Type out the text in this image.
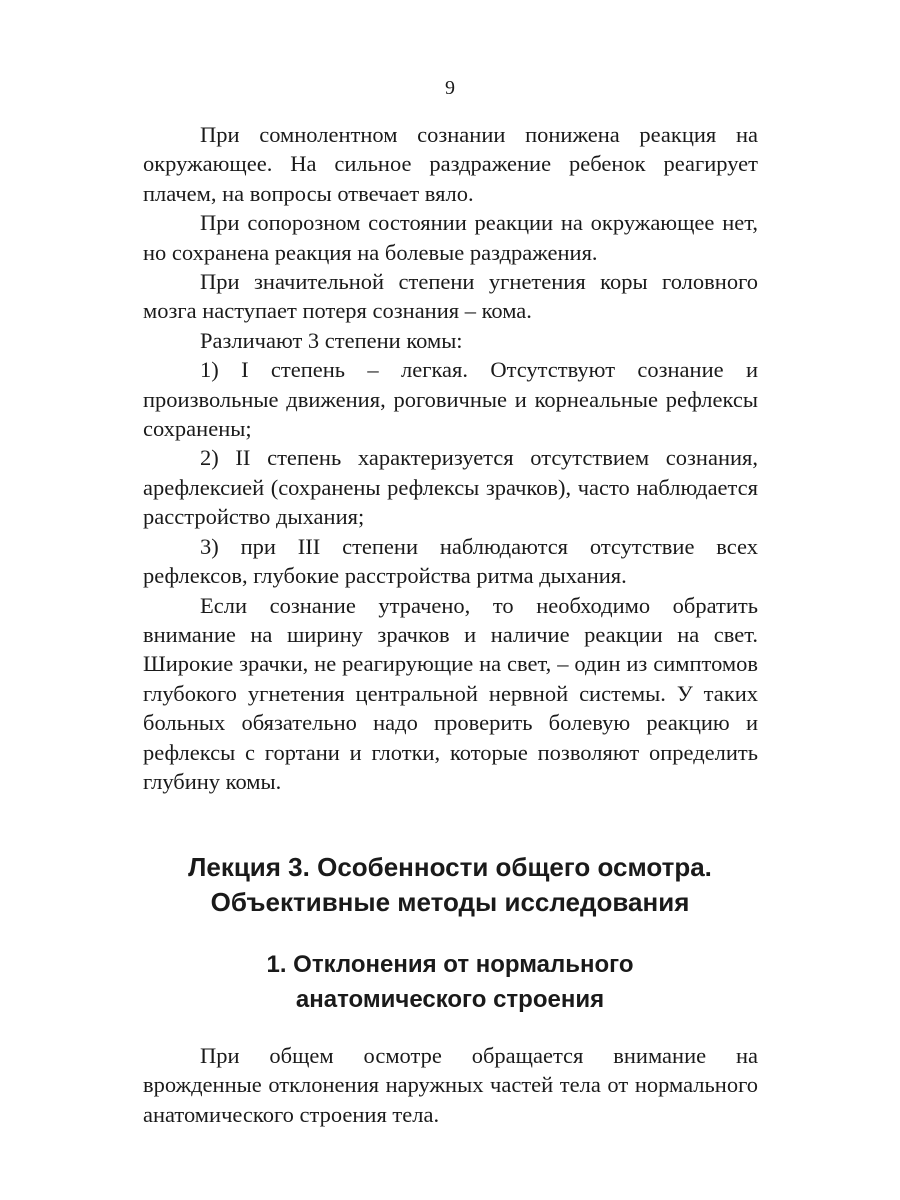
9

При сомнолентном сознании понижена реакция на окружающее. На сильное раздражение ребенок реагирует плачем, на вопросы отвечает вяло.

При сопорозном состоянии реакции на окружающее нет, но сохранена реакция на болевые раздражения.

При значительной степени угнетения коры головного мозга наступает потеря сознания – кома.

Различают 3 степени комы:

1) I степень – легкая. Отсутствуют сознание и произвольные движения, роговичные и корнеальные рефлексы сохранены;

2) II степень характеризуется отсутствием сознания, арефлексией (сохранены рефлексы зрачков), часто наблюдается расстройство дыхания;

3) при III степени наблюдаются отсутствие всех рефлексов, глубокие расстройства ритма дыхания.

Если сознание утрачено, то необходимо обратить внимание на ширину зрачков и наличие реакции на свет. Широкие зрачки, не реагирующие на свет, – один из симптомов глубокого угнетения центральной нервной системы. У таких больных обязательно надо проверить болевую реакцию и рефлексы с гортани и глотки, которые позволяют определить глубину комы.

Лекция 3. Особенности общего осмотра.
Объективные методы исследования
1. Отклонения от нормального
анатомического строения

При общем осмотре обращается внимание на врожденные отклонения наружных частей тела от нормального анатомического строения тела.
